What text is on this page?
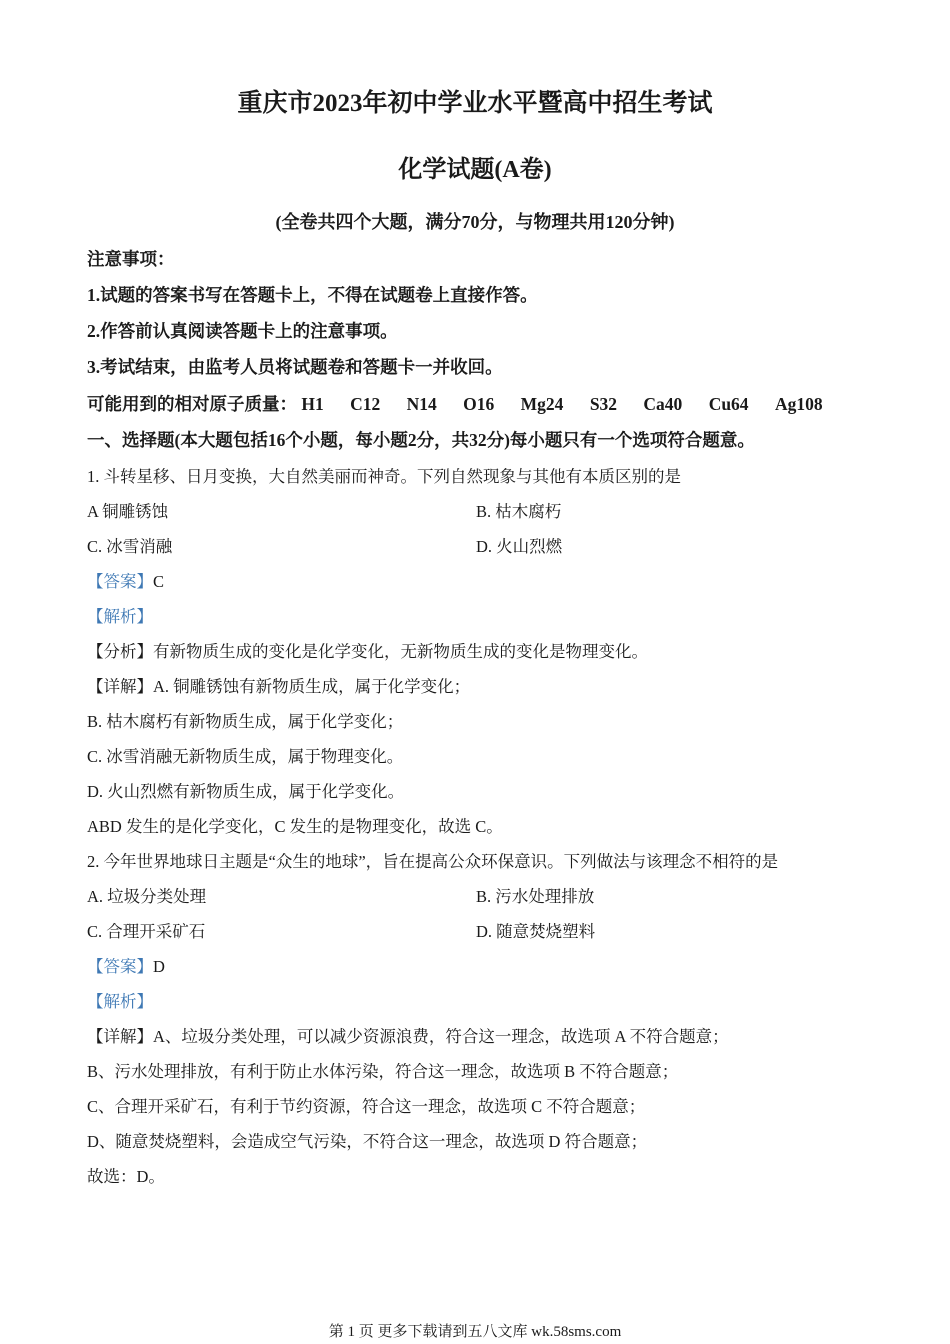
重庆市2023年初中学业水平暨高中招生考试
化学试题(A卷)
(全卷共四个大题，满分70分，与物理共用120分钟)
注意事项：
1.试题的答案书写在答题卡上，不得在试题卷上直接作答。
2.作答前认真阅读答题卡上的注意事项。
3.考试结束，由监考人员将试题卷和答题卡一并收回。
可能用到的相对原子质量： H1 C12 N14 O16 Mg24 S32 Ca40 Cu64 Ag108
一、选择题(本大题包括16个小题，每小题2分，共32分)每小题只有一个选项符合题意。
1. 斗转星移、日月变换，大自然美丽而神奇。下列自然现象与其他有本质区别的是
A 铜雕锈蚀	B. 枯木腐朽
C. 冰雪消融	D. 火山烈燃
【答案】C
【解析】
【分析】有新物质生成的变化是化学变化，无新物质生成的变化是物理变化。
【详解】A. 铜雕锈蚀有新物质生成，属于化学变化；
B. 枯木腐朽有新物质生成，属于化学变化；
C. 冰雪消融无新物质生成，属于物理变化。
D. 火山烈燃有新物质生成，属于化学变化。
ABD 发生的是化学变化，C 发生的是物理变化，故选 C。
2. 今年世界地球日主题是“众生的地球”，旨在提高公众环保意识。下列做法与该理念不相符的是
A. 垃圾分类处理	B. 污水处理排放
C. 合理开采矿石	D. 随意焚烧塑料
【答案】D
【解析】
【详解】A、垃圾分类处理，可以减少资源浪费，符合这一理念，故选项 A 不符合题意；
B、污水处理排放，有利于防止水体污染，符合这一理念，故选项 B 不符合题意；
C、合理开采矿石，有利于节约资源，符合这一理念，故选项 C 不符合题意；
D、随意焚烧塑料，会造成空气污染，不符合这一理念，故选项 D 符合题意；
故选：D。
第 1 页 更多下载请到五八文库 wk.58sms.com
